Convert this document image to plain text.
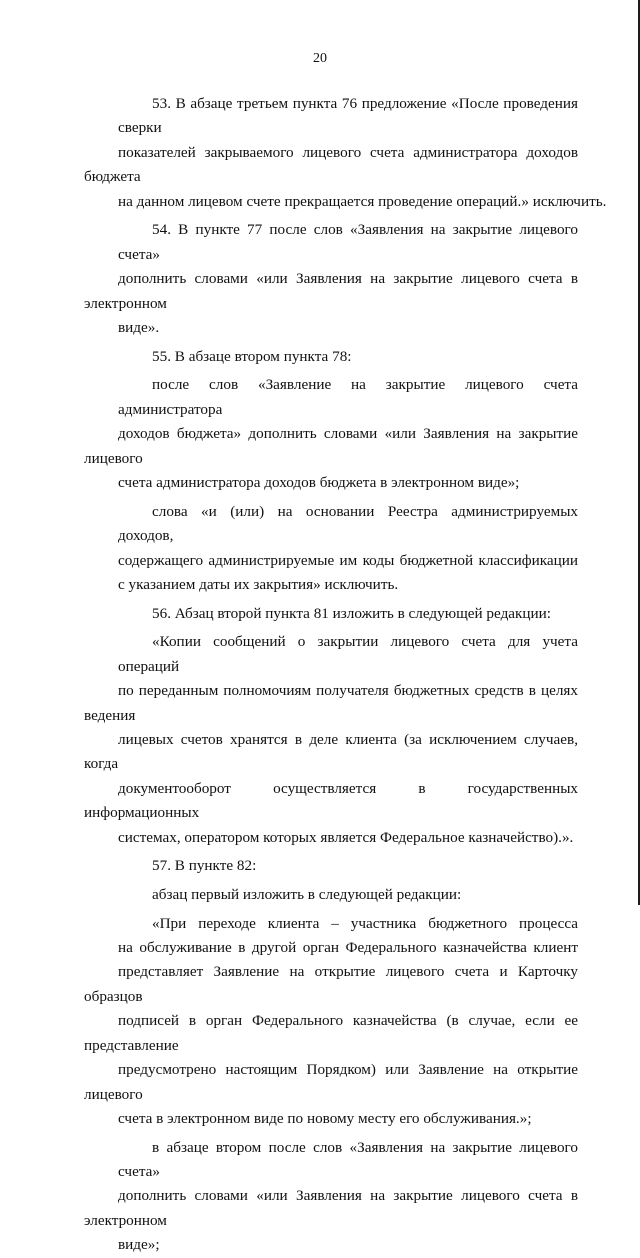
20
53. В абзаце третьем пункта 76 предложение «После проведения сверки
показателей закрываемого лицевого счета администратора доходов бюджета
на данном лицевом счете прекращается проведение операций.» исключить.
54. В пункте 77 после слов «Заявления на закрытие лицевого счета»
дополнить словами «или Заявления на закрытие лицевого счета в электронном
виде».
55. В абзаце втором пункта 78:
после слов «Заявление на закрытие лицевого счета администратора
доходов бюджета» дополнить словами «или Заявления на закрытие лицевого
счета администратора доходов бюджета в электронном виде»;
слова «и (или) на основании Реестра администрируемых доходов,
содержащего администрируемые им коды бюджетной классификации
с указанием даты их закрытия» исключить.
56. Абзац второй пункта 81 изложить в следующей редакции:
«Копии сообщений о закрытии лицевого счета для учета операций
по переданным полномочиям получателя бюджетных средств в целях ведения
лицевых счетов хранятся в деле клиента (за исключением случаев, когда
документооборот осуществляется в государственных информационных
системах, оператором которых является Федеральное казначейство).».
57. В пункте 82:
абзац первый изложить в следующей редакции:
«При переходе клиента – участника бюджетного процесса
на обслуживание в другой орган Федерального казначейства клиент
представляет Заявление на открытие лицевого счета и Карточку образцов
подписей в орган Федерального казначейства (в случае, если ее представление
предусмотрено настоящим Порядком) или Заявление на открытие лицевого
счета в электронном виде по новому месту его обслуживания.»;
в абзаце втором после слов «Заявления на закрытие лицевого счета»
дополнить словами «или Заявления на закрытие лицевого счета в электронном
виде»;
